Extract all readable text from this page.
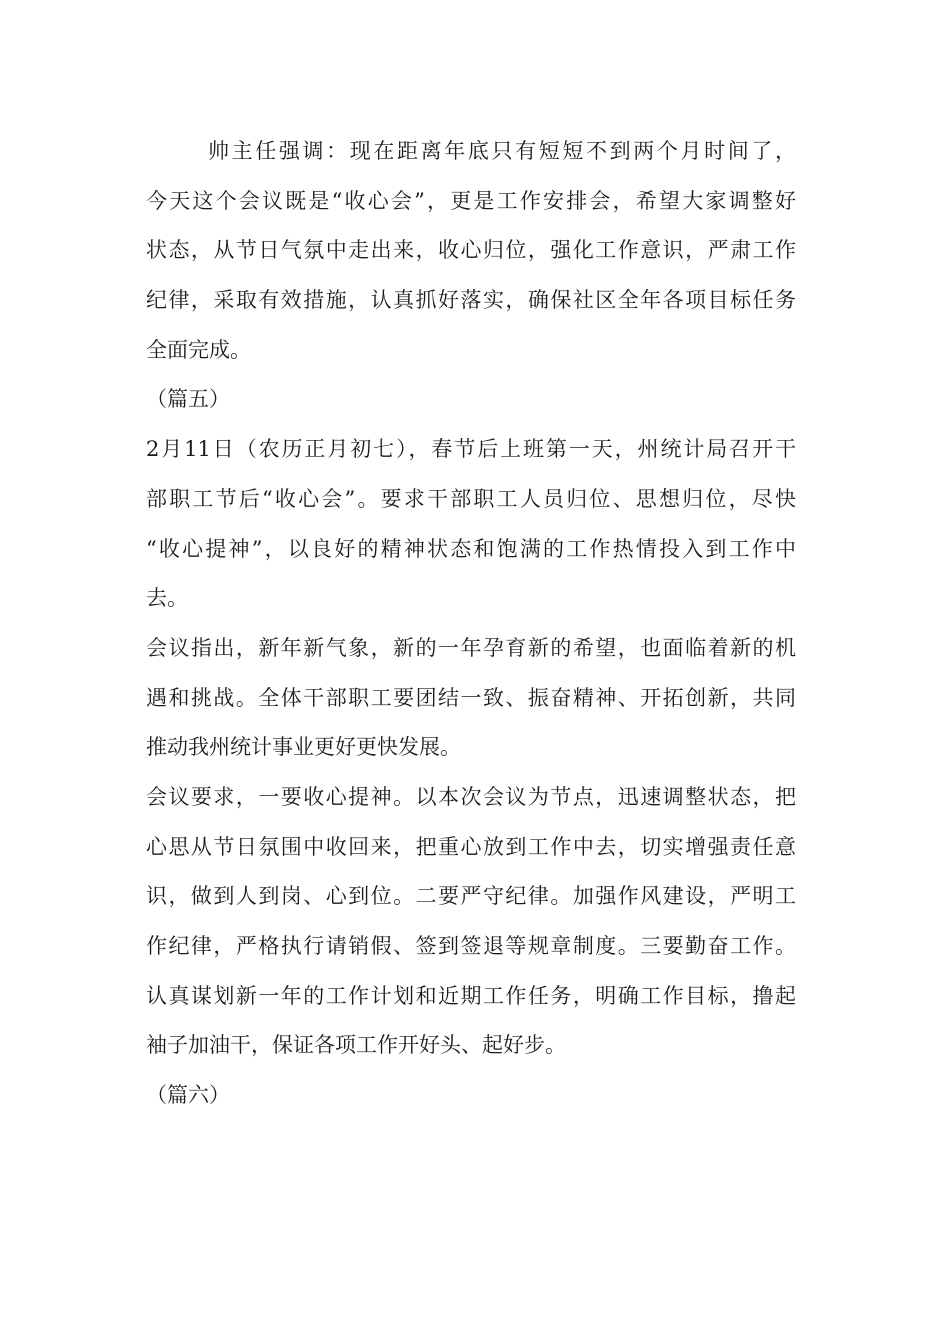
帅主任强调：现在距离年底只有短短不到两个月时间了，
今天这个会议既是“收心会”，更是工作安排会，希望大家调整好
状态，从节日气氛中走出来，收心归位，强化工作意识，严肃工作
纪律，采取有效措施，认真抓好落实，确保社区全年各项目标任务
全面完成。
（篇五）
2月11日（农历正月初七），春节后上班第一天，州统计局召开干
部职工节后“收心会”。要求干部职工人员归位、思想归位，尽快
“收心提神”，以良好的精神状态和饱满的工作热情投入到工作中
去。
会议指出，新年新气象，新的一年孕育新的希望，也面临着新的机
遇和挑战。全体干部职工要团结一致、振奋精神、开拓创新，共同
推动我州统计事业更好更快发展。
会议要求，一要收心提神。以本次会议为节点，迅速调整状态，把
心思从节日氛围中收回来，把重心放到工作中去，切实增强责任意
识，做到人到岗、心到位。二要严守纪律。加强作风建设，严明工
作纪律，严格执行请销假、签到签退等规章制度。三要勤奋工作。
认真谋划新一年的工作计划和近期工作任务，明确工作目标，撸起
袖子加油干，保证各项工作开好头、起好步。
（篇六）
